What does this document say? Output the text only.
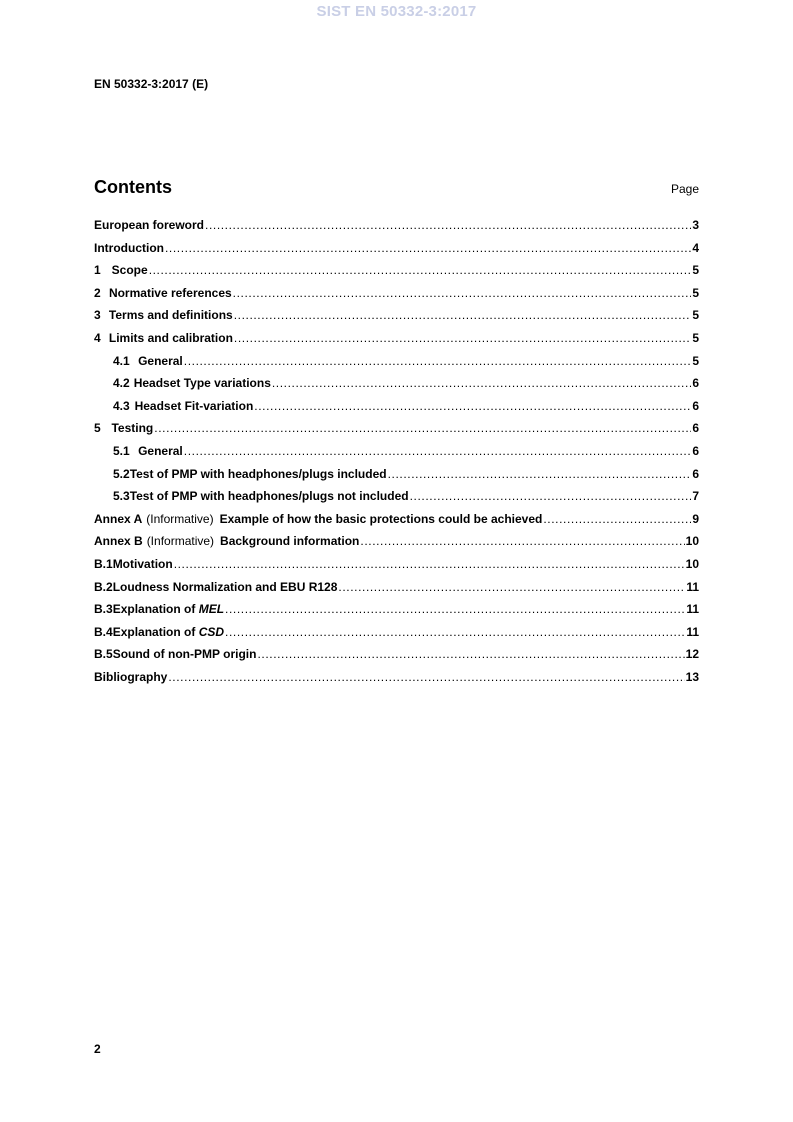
SIST EN 50332-3:2017
EN 50332-3:2017 (E)
Contents	Page
European foreword .....	3
Introduction .....	4
1 Scope .....	5
2 Normative references .....	5
3 Terms and definitions .....	5
4 Limits and calibration .....	5
4.1 General .....	5
4.2 Headset Type variations .....	6
4.3 Headset Fit-variation .....	6
5 Testing .....	6
5.1 General .....	6
5.2 Test of PMP with headphones/plugs included .....	6
5.3 Test of PMP with headphones/plugs not included .....	7
Annex A (Informative) Example of how the basic protections could be achieved .....	9
Annex B (Informative) Background information .....	10
B.1 Motivation .....	10
B.2 Loudness Normalization and EBU R128 .....	11
B.3 Explanation of MEL .....	11
B.4 Explanation of CSD .....	11
B.5 Sound of non-PMP origin .....	12
Bibliography .....	13
2
